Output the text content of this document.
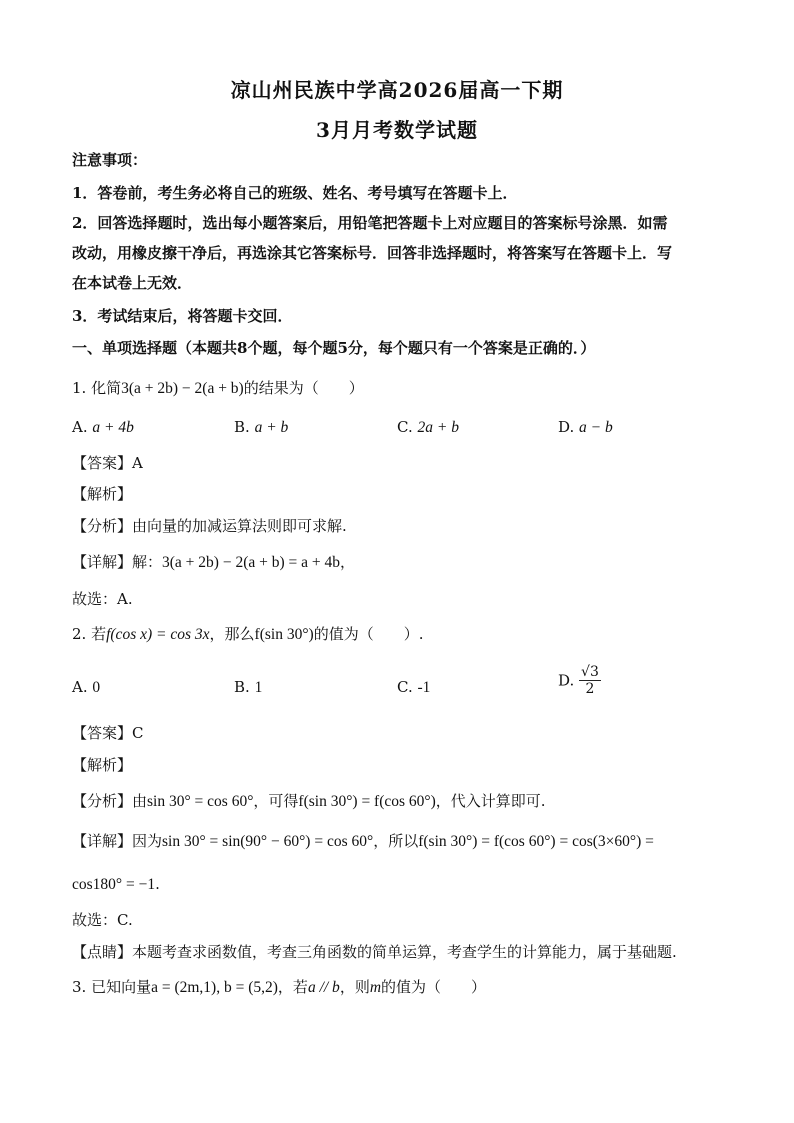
凉山州民族中学高2026届高一下期
3月月考数学试题
注意事项：
1．答卷前，考生务必将自己的班级、姓名、考号填写在答题卡上．
2．回答选择题时，选出每小题答案后，用铅笔把答题卡上对应题目的答案标号涂黑．如需
改动，用橡皮擦干净后，再选涂其它答案标号．回答非选择题时，将答案写在答题卡上．写
在本试卷上无效．
3．考试结束后，将答题卡交回．
一、单项选择题（本题共8个题，每个题5分，每个题只有一个答案是正确的．）
1. 化简3(a + 2b) − 2(a + b)的结果为（　　）
A. a + 4b	B. a + b	C. 2a + b	D. a − b
【答案】A
【解析】
【分析】由向量的加减运算法则即可求解.
【详解】解：3(a + 2b) − 2(a + b) = a + 4b，
故选：A.
2. 若f(cos x) = cos 3x，那么f(sin 30°)的值为（　　）.
A. 0	B. 1	C. -1	D. $\frac{√3}{2}$
【答案】C
【解析】
【分析】由sin 30° = cos 60°，可得f(sin 30°) = f(cos 60°)，代入计算即可.
【详解】因为sin 30° = sin(90° − 60°) = cos 60°，所以f(sin 30°) = f(cos 60°) = cos(3×60°) =
cos180° = −1.
故选：C.
【点睛】本题考查求函数值，考查三角函数的简单运算，考查学生的计算能力，属于基础题.
3. 已知向量a = (2m,1), b = (5,2)，若a // b，则m的值为（　　）
